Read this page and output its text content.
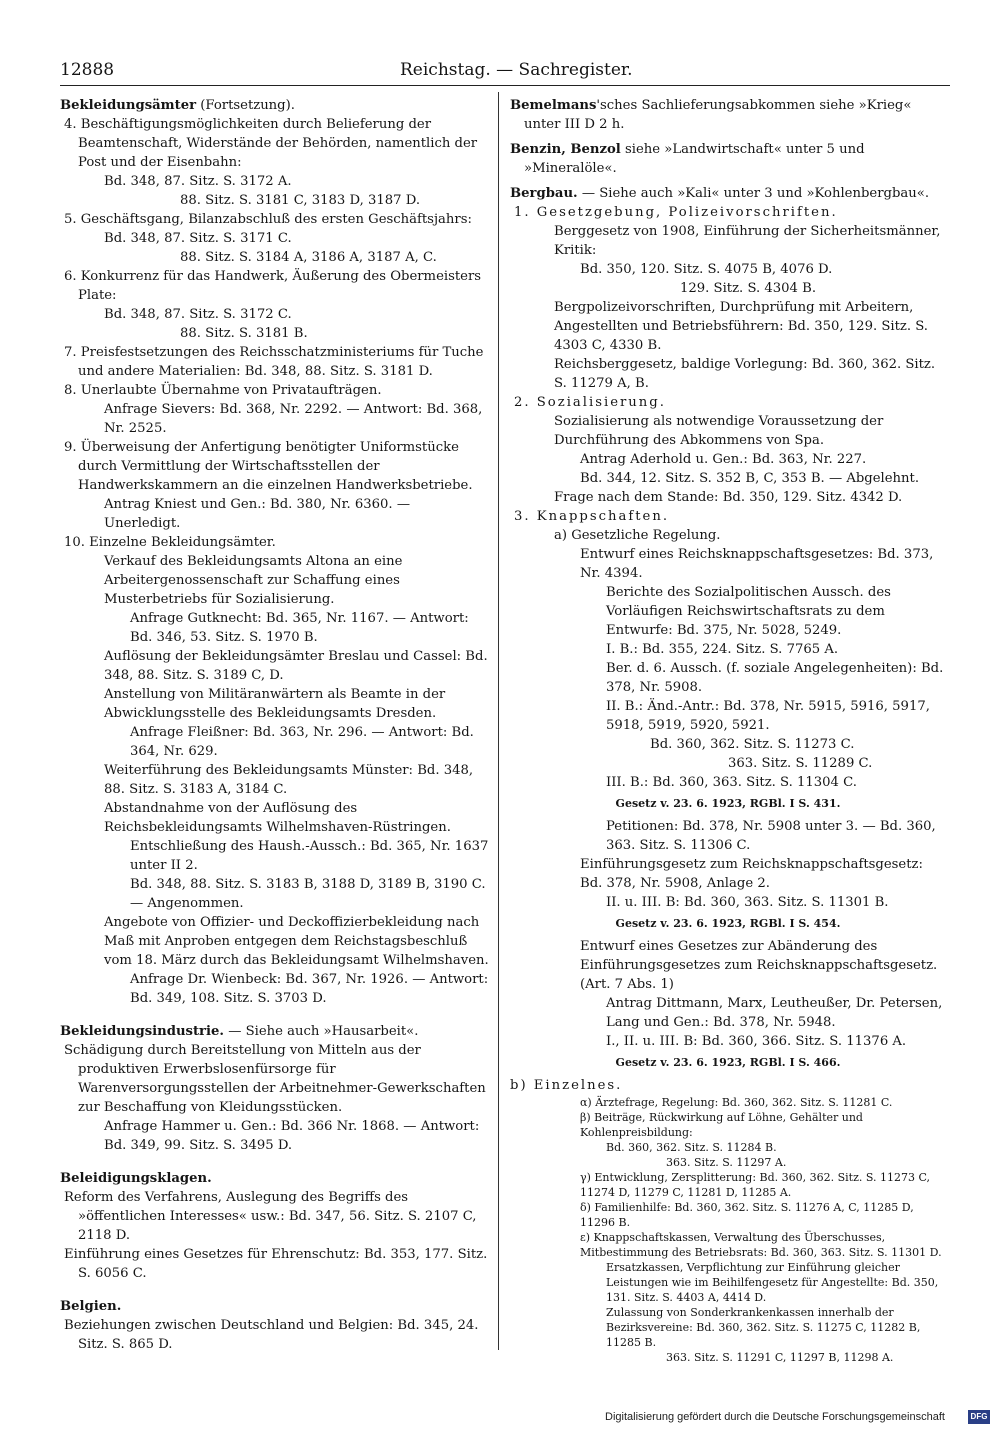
12888	Reichstag. — Sachregister.

Bekleidungsämter (Fortsetzung).

4. Beschäftigungsmöglichkeiten durch Belieferung der Beamtenschaft, Widerstände der Behörden, namentlich der Post und der Eisenbahn:

Bd. 348, 87. Sitz. S. 3172 A.

88. Sitz. S. 3181 C, 3183 D, 3187 D.

5. Geschäftsgang, Bilanzabschluß des ersten Geschäftsjahrs:

Bd. 348, 87. Sitz. S. 3171 C.

88. Sitz. S. 3184 A, 3186 A, 3187 A, C.

6. Konkurrenz für das Handwerk, Äußerung des Obermeisters Plate:

Bd. 348, 87. Sitz. S. 3172 C.

88. Sitz. S. 3181 B.

7. Preisfestsetzungen des Reichsschatzministeriums für Tuche und andere Materialien: Bd. 348, 88. Sitz. S. 3181 D.

8. Unerlaubte Übernahme von Privataufträgen.

Anfrage Sievers: Bd. 368, Nr. 2292. — Antwort: Bd. 368, Nr. 2525.

9. Überweisung der Anfertigung benötigter Uniformstücke durch Vermittlung der Wirtschaftsstellen der Handwerkskammern an die einzelnen Handwerksbetriebe.

Antrag Kniest und Gen.: Bd. 380, Nr. 6360. — Unerledigt.

10. Einzelne Bekleidungsämter.

Verkauf des Bekleidungsamts Altona an eine Arbeitergenossenschaft zur Schaffung eines Musterbetriebs für Sozialisierung.

Anfrage Gutknecht: Bd. 365, Nr. 1167. — Antwort: Bd. 346, 53. Sitz. S. 1970 B.

Auflösung der Bekleidungsämter Breslau und Cassel: Bd. 348, 88. Sitz. S. 3189 C, D.

Anstellung von Militäranwärtern als Beamte in der Abwicklungsstelle des Bekleidungsamts Dresden.

Anfrage Fleißner: Bd. 363, Nr. 296. — Antwort: Bd. 364, Nr. 629.

Weiterführung des Bekleidungsamts Münster: Bd. 348, 88. Sitz. S. 3183 A, 3184 C.

Abstandnahme von der Auflösung des Reichsbekleidungsamts Wilhelmshaven-Rüstringen.

Entschließung des Haush.-Aussch.: Bd. 365, Nr. 1637 unter II 2.

Bd. 348, 88. Sitz. S. 3183 B, 3188 D, 3189 B, 3190 C. — Angenommen.

Angebote von Offizier- und Deckoffizierbekleidung nach Maß mit Anproben entgegen dem Reichstagsbeschluß vom 18. März durch das Bekleidungsamt Wilhelmshaven.

Anfrage Dr. Wienbeck: Bd. 367, Nr. 1926. — Antwort: Bd. 349, 108. Sitz. S. 3703 D.

Bekleidungsindustrie. — Siehe auch »Hausarbeit«.

Schädigung durch Bereitstellung von Mitteln aus der produktiven Erwerbslosenfürsorge für Warenversorgungsstellen der Arbeitnehmer-Gewerkschaften zur Beschaffung von Kleidungsstücken.

Anfrage Hammer u. Gen.: Bd. 366 Nr. 1868. — Antwort: Bd. 349, 99. Sitz. S. 3495 D.

Beleidigungsklagen.

Reform des Verfahrens, Auslegung des Begriffs des »öffentlichen Interesses« usw.: Bd. 347, 56. Sitz. S. 2107 C, 2118 D.

Einführung eines Gesetzes für Ehrenschutz: Bd. 353, 177. Sitz. S. 6056 C.

Belgien.

Beziehungen zwischen Deutschland und Belgien: Bd. 345, 24. Sitz. S. 865 D.

Bemelmans'sches Sachlieferungsabkommen siehe »Krieg« unter III D 2 h.

Benzin, Benzol siehe »Landwirtschaft« unter 5 und »Mineralöle«.

Bergbau. — Siehe auch »Kali« unter 3 und »Kohlenbergbau«.

1. Gesetzgebung, Polizeivorschriften.

Berggesetz von 1908, Einführung der Sicherheitsmänner, Kritik:

Bd. 350, 120. Sitz. S. 4075 B, 4076 D.

129. Sitz. S. 4304 B.

Bergpolizeivorschriften, Durchprüfung mit Arbeitern, Angestellten und Betriebsführern: Bd. 350, 129. Sitz. S. 4303 C, 4330 B.

Reichsberggesetz, baldige Vorlegung: Bd. 360, 362. Sitz. S. 11279 A, B.

2. Sozialisierung.

Sozialisierung als notwendige Voraussetzung der Durchführung des Abkommens von Spa.

Antrag Aderhold u. Gen.: Bd. 363, Nr. 227.

Bd. 344, 12. Sitz. S. 352 B, C, 353 B. — Abgelehnt.

Frage nach dem Stande: Bd. 350, 129. Sitz. 4342 D.

3. Knappschaften.

a) Gesetzliche Regelung.

Entwurf eines Reichsknappschaftsgesetzes: Bd. 373, Nr. 4394.

Berichte des Sozialpolitischen Aussch. des Vorläufigen Reichswirtschaftsrats zu dem Entwurfe: Bd. 375, Nr. 5028, 5249.

I. B.: Bd. 355, 224. Sitz. S. 7765 A.

Ber. d. 6. Aussch. (f. soziale Angelegenheiten): Bd. 378, Nr. 5908.

II. B.: Änd.-Antr.: Bd. 378, Nr. 5915, 5916, 5917, 5918, 5919, 5920, 5921.

Bd. 360, 362. Sitz. S. 11273 C.

363. Sitz. S. 11289 C.

III. B.: Bd. 360, 363. Sitz. S. 11304 C.

Gesetz v. 23. 6. 1923, RGBl. I S. 431.

Petitionen: Bd. 378, Nr. 5908 unter 3. — Bd. 360, 363. Sitz. S. 11306 C.

Einführungsgesetz zum Reichsknappschaftsgesetz: Bd. 378, Nr. 5908, Anlage 2.

II. u. III. B: Bd. 360, 363. Sitz. S. 11301 B.

Gesetz v. 23. 6. 1923, RGBl. I S. 454.

Entwurf eines Gesetzes zur Abänderung des Einführungsgesetzes zum Reichsknappschaftsgesetz. (Art. 7 Abs. 1)

Antrag Dittmann, Marx, Leutheußer, Dr. Petersen, Lang und Gen.: Bd. 378, Nr. 5948.

I., II. u. III. B: Bd. 360, 366. Sitz. S. 11376 A.

Gesetz v. 23. 6. 1923, RGBl. I S. 466.

b) Einzelnes.

α) Ärztefrage, Regelung: Bd. 360, 362. Sitz. S. 11281 C.

β) Beiträge, Rückwirkung auf Löhne, Gehälter und Kohlenpreisbildung:

Bd. 360, 362. Sitz. S. 11284 B.

363. Sitz. S. 11297 A.

γ) Entwicklung, Zersplitterung: Bd. 360, 362. Sitz. S. 11273 C, 11274 D, 11279 C, 11281 D, 11285 A.

δ) Familienhilfe: Bd. 360, 362. Sitz. S. 11276 A, C, 11285 D, 11296 B.

ε) Knappschaftskassen, Verwaltung des Überschusses, Mitbestimmung des Betriebsrats: Bd. 360, 363. Sitz. S. 11301 D.

Ersatzkassen, Verpflichtung zur Einführung gleicher Leistungen wie im Beihilfengesetz für Angestellte: Bd. 350, 131. Sitz. S. 4403 A, 4414 D.

Zulassung von Sonderkrankenkassen innerhalb der Bezirksvereine: Bd. 360, 362. Sitz. S. 11275 C, 11282 B, 11285 B.

363. Sitz. S. 11291 C, 11297 B, 11298 A.

Digitalisierung gefördert durch die Deutsche Forschungsgemeinschaft	DFG
